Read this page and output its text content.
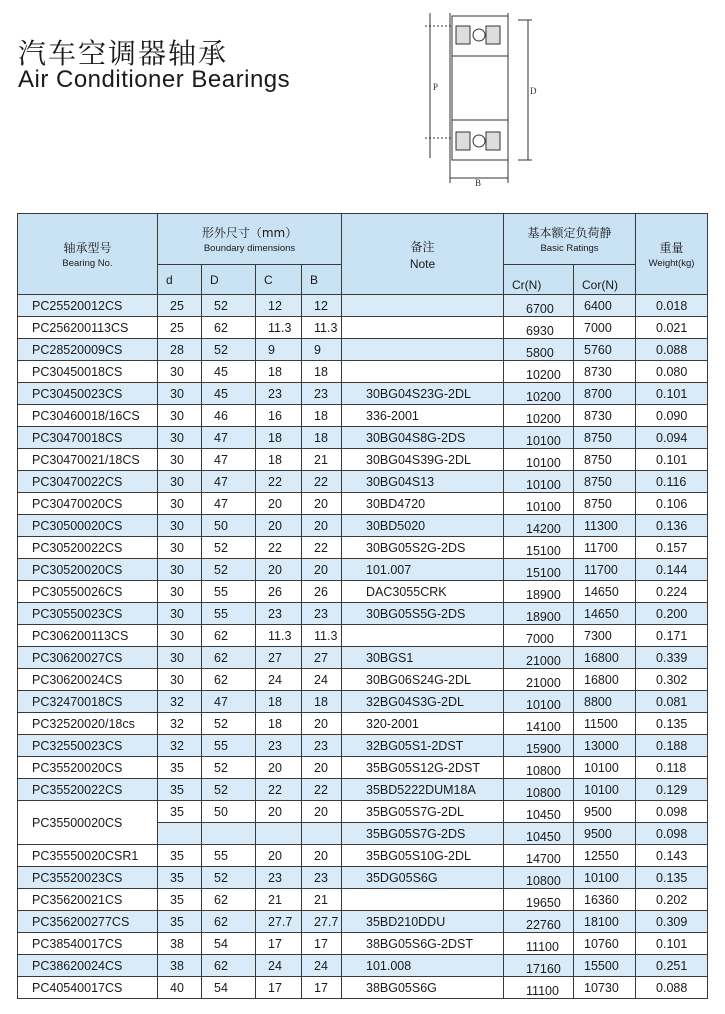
汽车空调器轴承
Air Conditioner Bearings	P	D
B
轴承型号
Bearing No.	形外尺寸（mm）
Boundary dimensions				备注
Note	基本额定负荷静
Basic Ratings		重量
Weight(kg)

	d	D	C	B		Cr(N)	Cor(N)	
PC25520012CS	25	52	12	12		6700	6400	0.018
PC256200113CS	25	62	11.3	11.3		6930	7000	0.021
PC28520009CS	28	52	9	9		5800	5760	0.088
PC30450018CS	30	45	18	18		10200	8730	0.080
PC30450023CS	30	45	23	23	30BG04S23G-2DL	10200	8700	0.101
PC30460018/16CS	30	46	16	18	336-2001	10200	8730	0.090
PC30470018CS	30	47	18	18	30BG04S8G-2DS	10100	8750	0.094
PC30470021/18CS	30	47	18	21	30BG04S39G-2DL	10100	8750	0.101
PC30470022CS	30	47	22	22	30BG04S13	10100	8750	0.116
PC30470020CS	30	47	20	20	30BD4720	10100	8750	0.106
PC30500020CS	30	50	20	20	30BD5020	14200	11300	0.136
PC30520022CS	30	52	22	22	30BG05S2G-2DS	15100	11700	0.157
PC30520020CS	30	52	20	20	101.007	15100	11700	0.144
PC30550026CS	30	55	26	26	DAC3055CRK	18900	14650	0.224
PC30550023CS	30	55	23	23	30BG05S5G-2DS	18900	14650	0.200
PC306200113CS	30	62	11.3	11.3		7000	7300	0.171
PC30620027CS	30	62	27	27	30BGS1	21000	16800	0.339
PC30620024CS	30	62	24	24	30BG06S24G-2DL	21000	16800	0.302
PC32470018CS	32	47	18	18	32BG04S3G-2DL	10100	8800	0.081
PC32520020/18cs	32	52	18	20	320-2001	14100	11500	0.135
PC32550023CS	32	55	23	23	32BG05S1-2DST	15900	13000	0.188
PC35520020CS	35	52	20	20	35BG05S12G-2DST	10800	10100	0.118
PC35520022CS	35	52	22	22	35BD5222DUM18A	10800	10100	0.129
PC35500020CS	35	50	20	20	35BG05S7G-2DL	10450	9500	0.098
					35BG05S7G-2DS	10450	9500	0.098
PC35550020CSR1	35	55	20	20	35BG05S10G-2DL	14700	12550	0.143
PC35520023CS	35	52	23	23	35DG05S6G	10800	10100	0.135
PC35620021CS	35	62	21	21		19650	16360	0.202
PC356200277CS	35	62	27.7	27.7	35BD210DDU	22760	18100	0.309
PC38540017CS	38	54	17	17	38BG05S6G-2DST	11100	10760	0.101
PC38620024CS	38	62	24	24	101.008	17160	15500	0.251
PC40540017CS	40	54	17	17	38BG05S6G	11100	10730	0.088
